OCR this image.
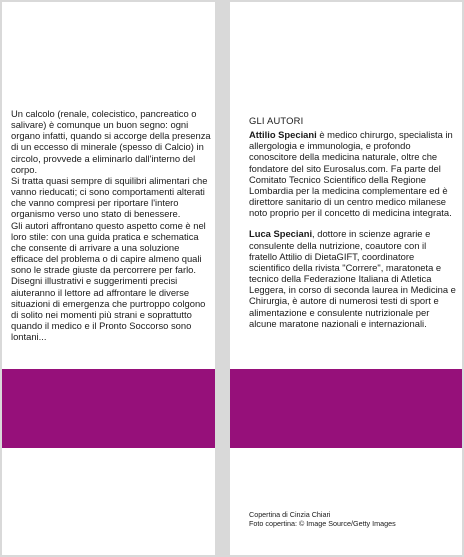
Un calcolo (renale, colecistico, pancreatico o salivare) è comunque un buon segno: ogni organo infatti, quando si accorge della presenza di un eccesso di minerale (spesso di Calcio) in circolo, provvede a eliminarlo dall'interno del corpo.

Si tratta quasi sempre di squilibri alimentari che vanno rieducati; ci sono comportamenti alterati che vanno compresi per riportare l'intero organismo verso uno stato di benessere.

Gli autori affrontano questo aspetto come è nel loro stile: con una guida pratica e schematica che consente di arrivare a una soluzione efficace del problema o di capire almeno quali sono le strade giuste da percorrere per farlo. Disegni illustrativi e suggerimenti precisi aiuteranno il lettore ad affrontare le diverse situazioni di emergenza che purtroppo colgono di solito nei momenti più strani e soprattutto quando il medico e il Pronto Soccorso sono lontani...

GLI AUTORI

Attilio Speciani è medico chirurgo, specialista in allergologia e immunologia, e profondo conoscitore della medicina naturale, oltre che fondatore del sito Eurosalus.com. Fa parte del Comitato Tecnico Scientifico della Regione Lombardia per la medicina complementare ed è direttore sanitario di un centro medico milanese noto proprio per il concetto di medicina integrata.

Luca Speciani, dottore in scienze agrarie e consulente della nutrizione, coautore con il fratello Attilio di DietaGIFT, coordinatore scientifico della rivista "Correre", maratoneta e tecnico della Federazione Italiana di Atletica Leggera, in corso di seconda laurea in Medicina e Chirurgia, è autore di numerosi testi di sport e alimentazione e consulente nutrizionale per alcune maratone nazionali e internazionali.

Copertina di Cinzia Chiari
Foto copertina: © Image Source/Getty Images
